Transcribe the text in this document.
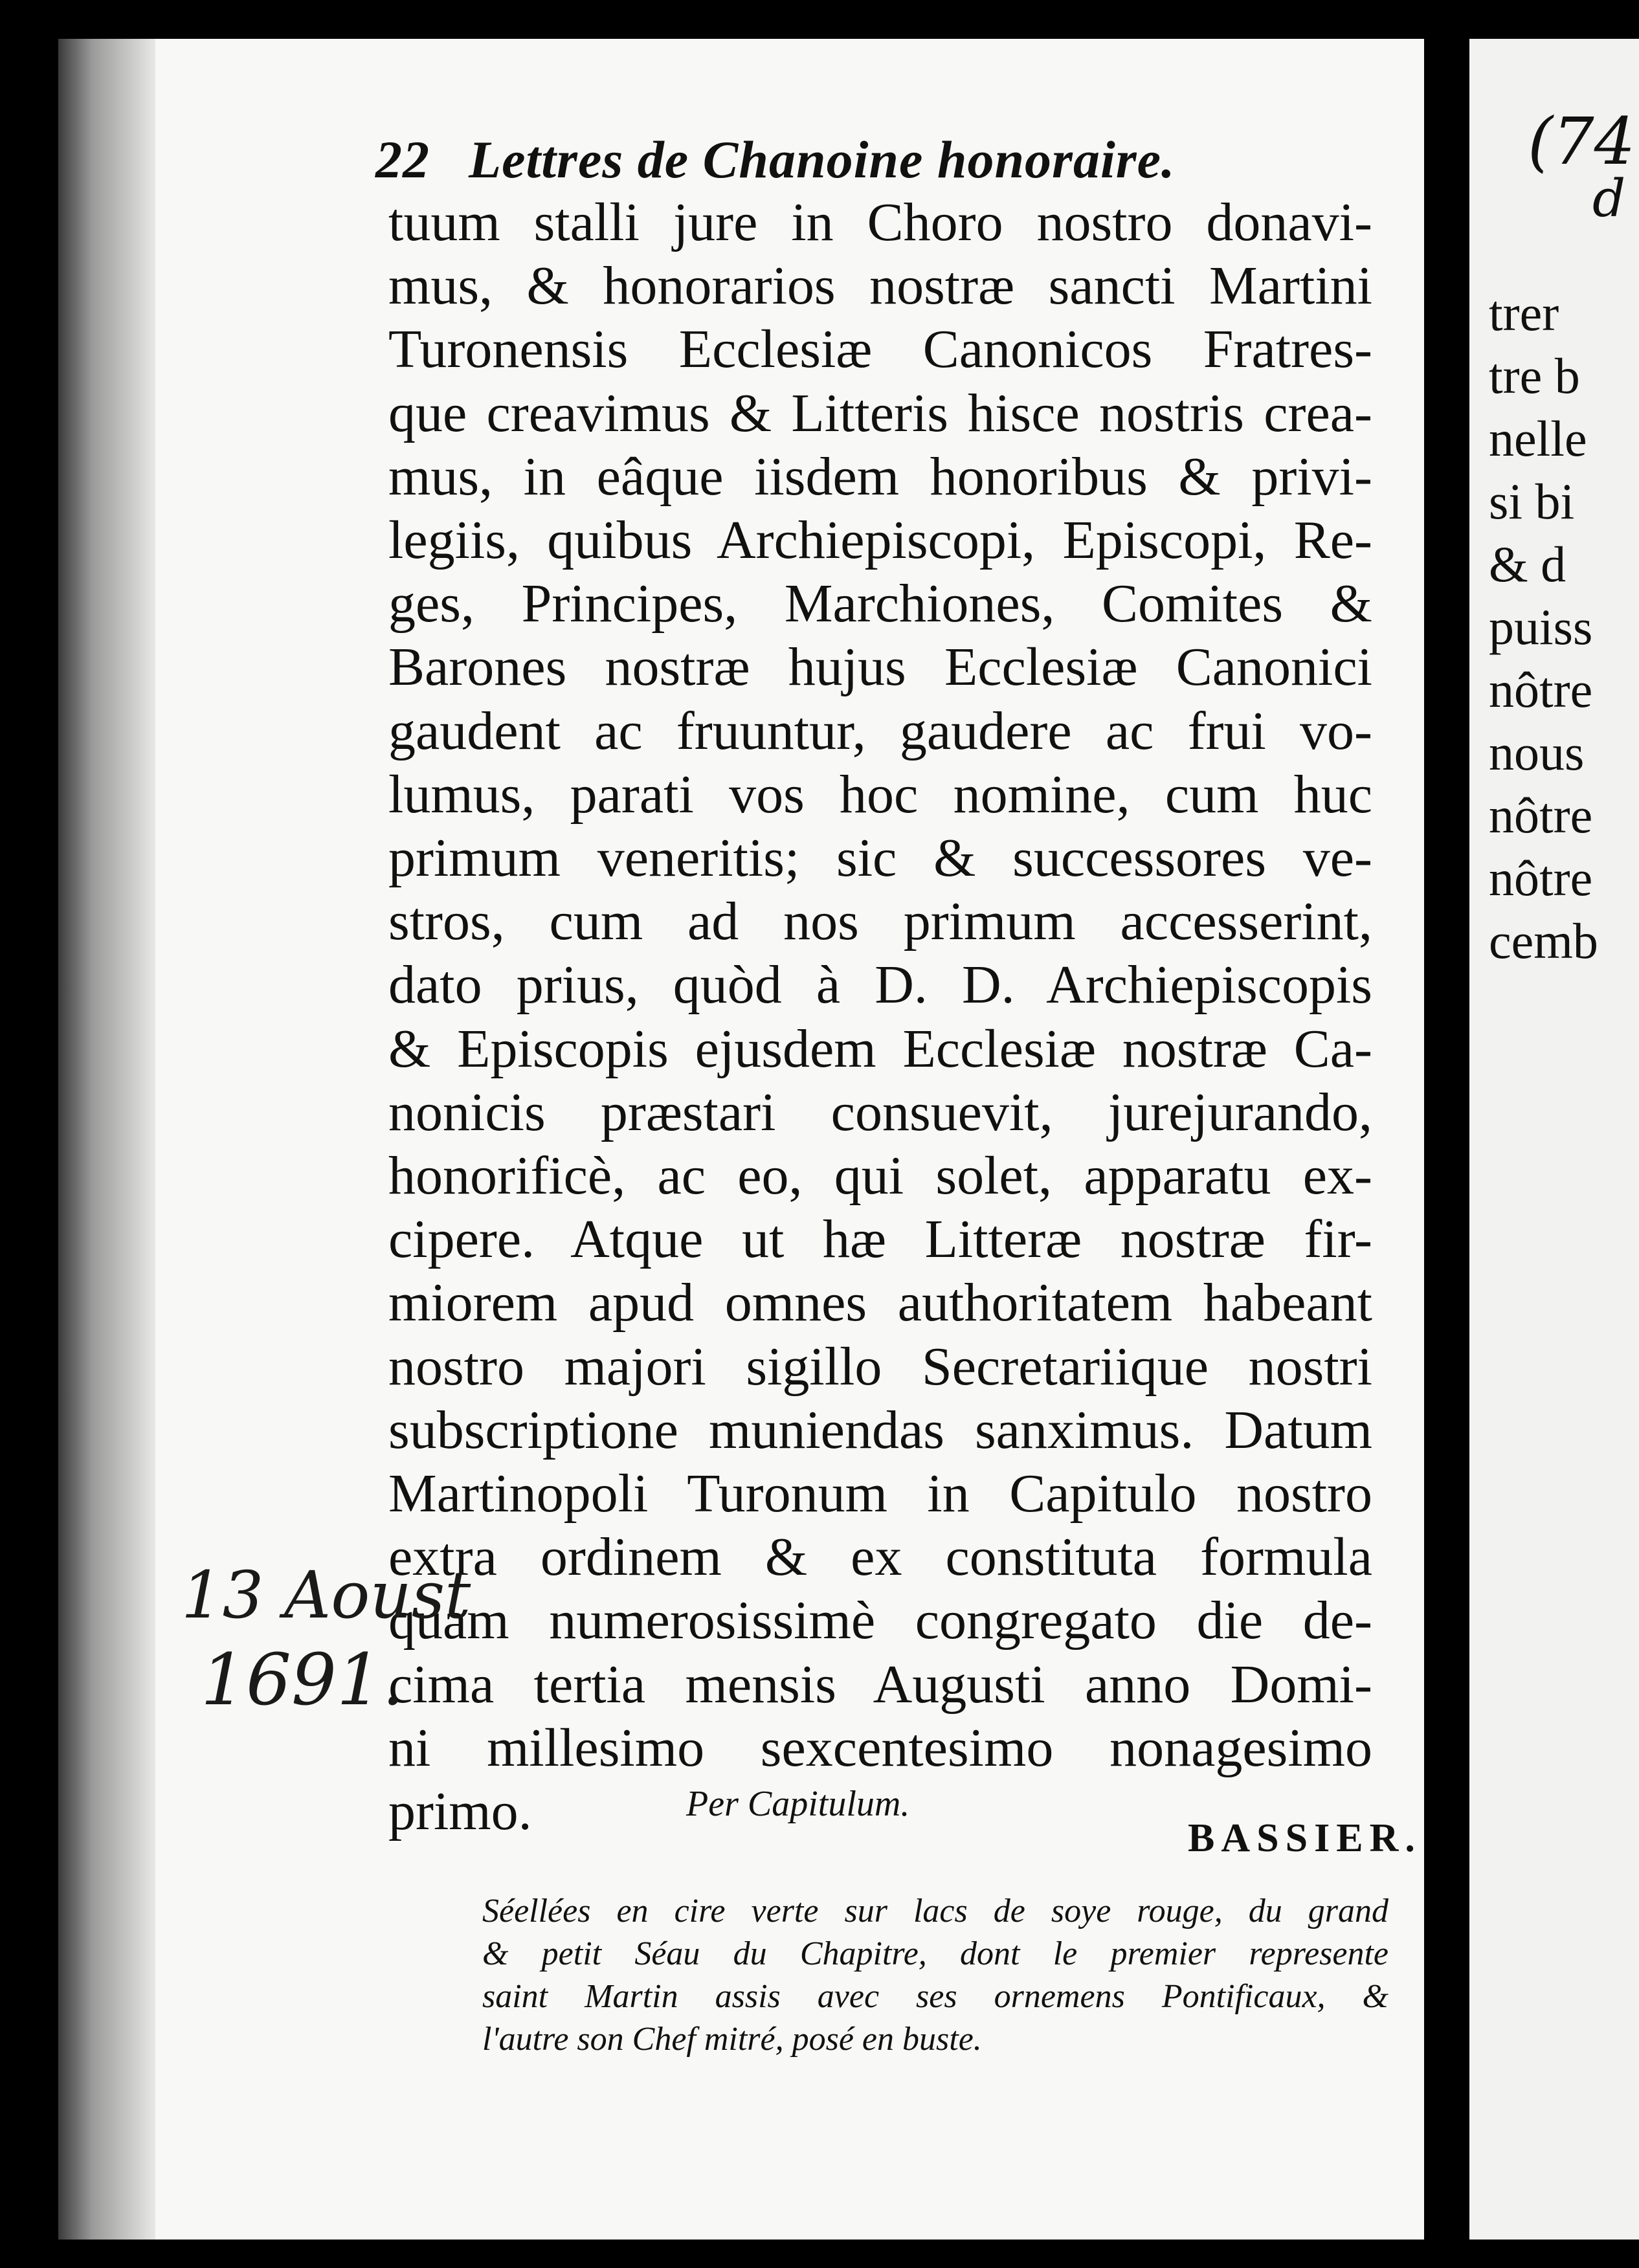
(74
d
trer
tre b
nelle
si bi
& d
puiss
nôtre
nous
nôtre
nôtre
cemb
22 Lettres de Chanoine honoraire.
tuum stalli jure in Choro nostro donavi-
mus, & honorarios nostræ sancti Martini
Turonensis Ecclesiæ Canonicos Fratres-
que creavimus & Litteris hisce nostris crea-
mus, in eâque iisdem honoribus & privi-
legiis, quibus Archiepiscopi, Episcopi, Re-
ges, Principes, Marchiones, Comites &
Barones nostræ hujus Ecclesiæ Canonici
gaudent ac fruuntur, gaudere ac frui vo-
lumus, parati vos hoc nomine, cum huc
primum veneritis; sic & successores ve-
stros, cum ad nos primum accesserint,
dato prius, quòd à D. D. Archiepiscopis
& Episcopis ejusdem Ecclesiæ nostræ Ca-
nonicis præstari consuevit, jurejurando,
honorificè, ac eo, qui solet, apparatu ex-
cipere. Atque ut hæ Litteræ nostræ fir-
miorem apud omnes authoritatem habeant
nostro majori sigillo Secretariique nostri
subscriptione muniendas sanximus. Datum
Martinopoli Turonum in Capitulo nostro
extra ordinem & ex constituta formula
quam numerosissimè congregato die de-
cima tertia mensis Augusti anno Domi-
ni millesimo sexcentesimo nonagesimo
primo.
13 Aoust
1691.
Per Capitulum.
BASSIER.
Séellées en cire verte sur lacs de soye rouge, du grand
& petit Séau du Chapitre, dont le premier represente
saint Martin assis avec ses ornemens Pontificaux, &
l'autre son Chef mitré, posé en buste.
